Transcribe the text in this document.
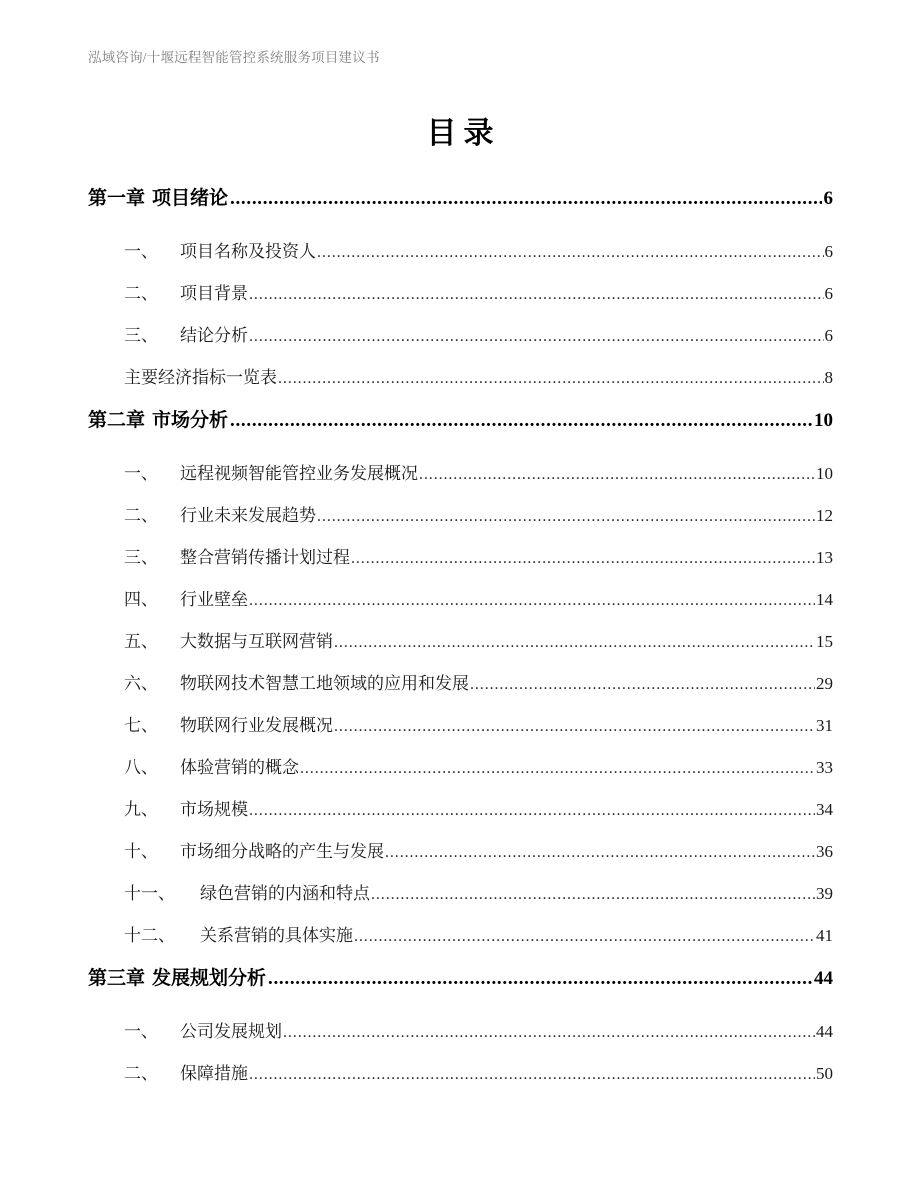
泓域咨询/十堰远程智能管控系统服务项目建议书
目录
第一章 项目绪论 .....	6
一、	项目名称及投资人 .....	6
二、	项目背景 .....	6
三、	结论分析 .....	6
主要经济指标一览表 .....	8
第二章 市场分析 .....	10
一、	远程视频智能管控业务发展概况 .....	10
二、	行业未来发展趋势 .....	12
三、	整合营销传播计划过程 .....	13
四、	行业壁垒 .....	14
五、	大数据与互联网营销 .....	15
六、	物联网技术智慧工地领域的应用和发展 .....	29
七、	物联网行业发展概况 .....	31
八、	体验营销的概念 .....	33
九、	市场规模 .....	34
十、	市场细分战略的产生与发展 .....	36
十一、	绿色营销的内涵和特点 .....	39
十二、	关系营销的具体实施 .....	41
第三章 发展规划分析 .....	44
一、	公司发展规划 .....	44
二、	保障措施 .....	50
